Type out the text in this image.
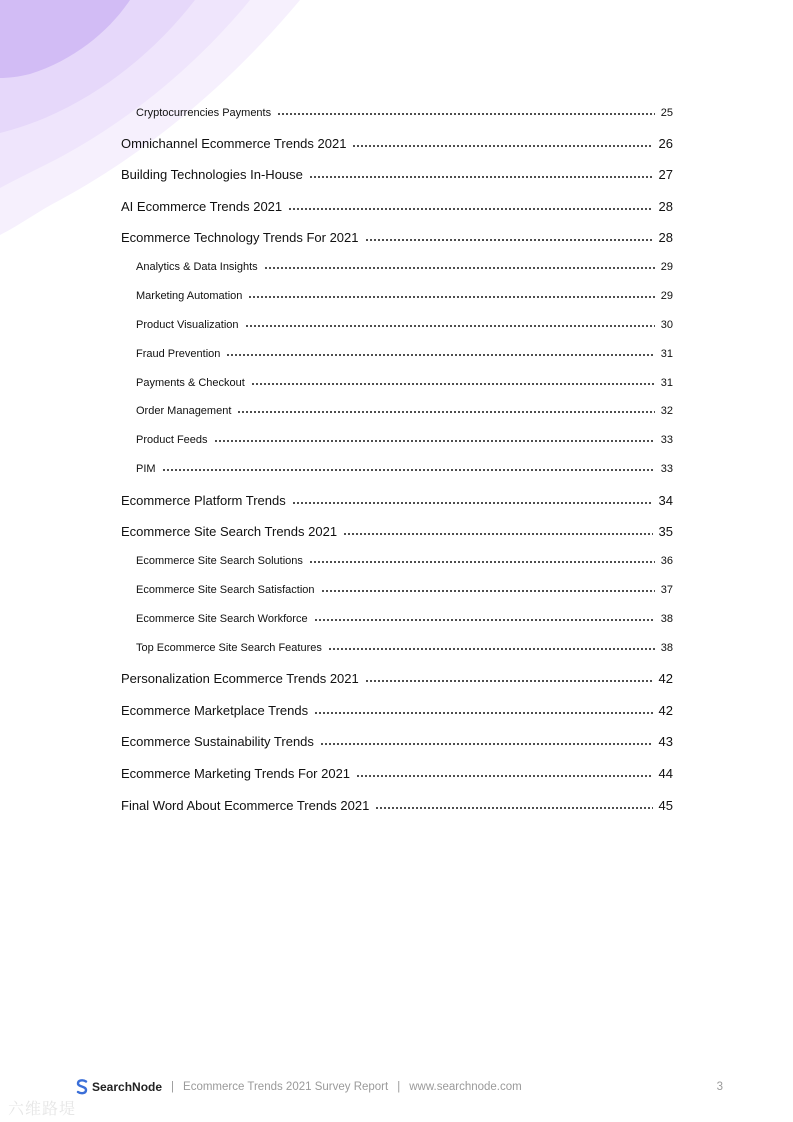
Cryptocurrencies Payments	25
Omnichannel Ecommerce Trends 2021	26
Building Technologies In-House	27
AI Ecommerce Trends 2021	28
Ecommerce Technology Trends For 2021	28
Analytics & Data Insights	29
Marketing Automation	29
Product Visualization	30
Fraud Prevention	31
Payments & Checkout	31
Order Management	32
Product Feeds	33
PIM	33
Ecommerce Platform Trends	34
Ecommerce Site Search Trends 2021	35
Ecommerce Site Search Solutions	36
Ecommerce Site Search Satisfaction	37
Ecommerce Site Search Workforce	38
Top Ecommerce Site Search Features	38
Personalization Ecommerce Trends 2021	42
Ecommerce Marketplace Trends	42
Ecommerce Sustainability Trends	43
Ecommerce Marketing Trends For 2021	44
Final Word About Ecommerce Trends 2021	45
SearchNode | Ecommerce Trends 2021 Survey Report | www.searchnode.com	3
六维路堤
